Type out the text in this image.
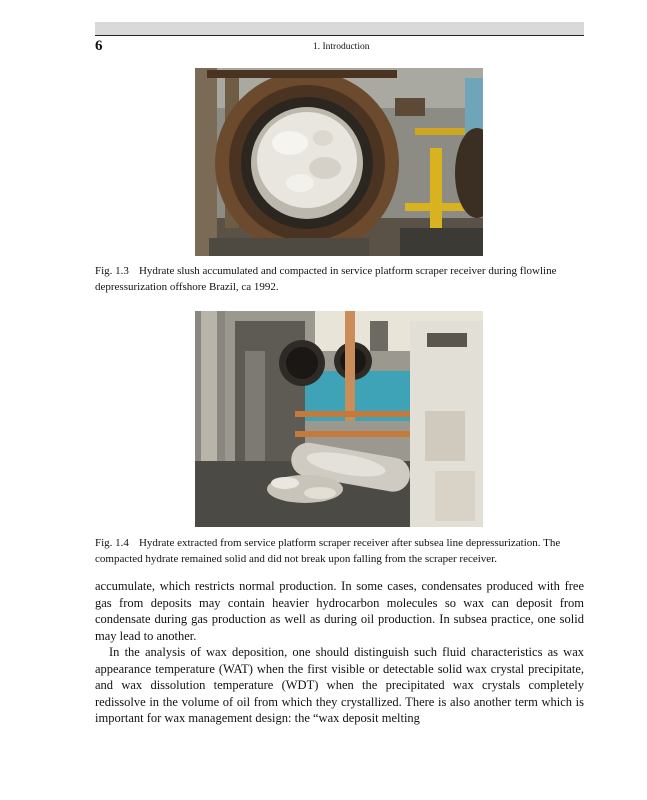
6	1. Introduction
Fig. 1.3 Hydrate slush accumulated and compacted in service platform scraper receiver during flowline depressurization offshore Brazil, ca 1992.
Fig. 1.4 Hydrate extracted from service platform scraper receiver after subsea line depressurization. The compacted hydrate remained solid and did not break upon falling from the scraper receiver.

accumulate, which restricts normal production. In some cases, condensates produced with free gas from deposits may contain heavier hydrocarbon molecules so wax can deposit from condensate during gas production as well as during oil production. In subsea practice, one solid may lead to another.

In the analysis of wax deposition, one should distinguish such fluid characteristics as wax appearance temperature (WAT) when the first visible or detectable solid wax crystal precipitate, and wax dissolution temperature (WDT) when the precipitated wax crystals completely redissolve in the volume of oil from which they crystallized. There is also another term which is important for wax management design: the “wax deposit melting
